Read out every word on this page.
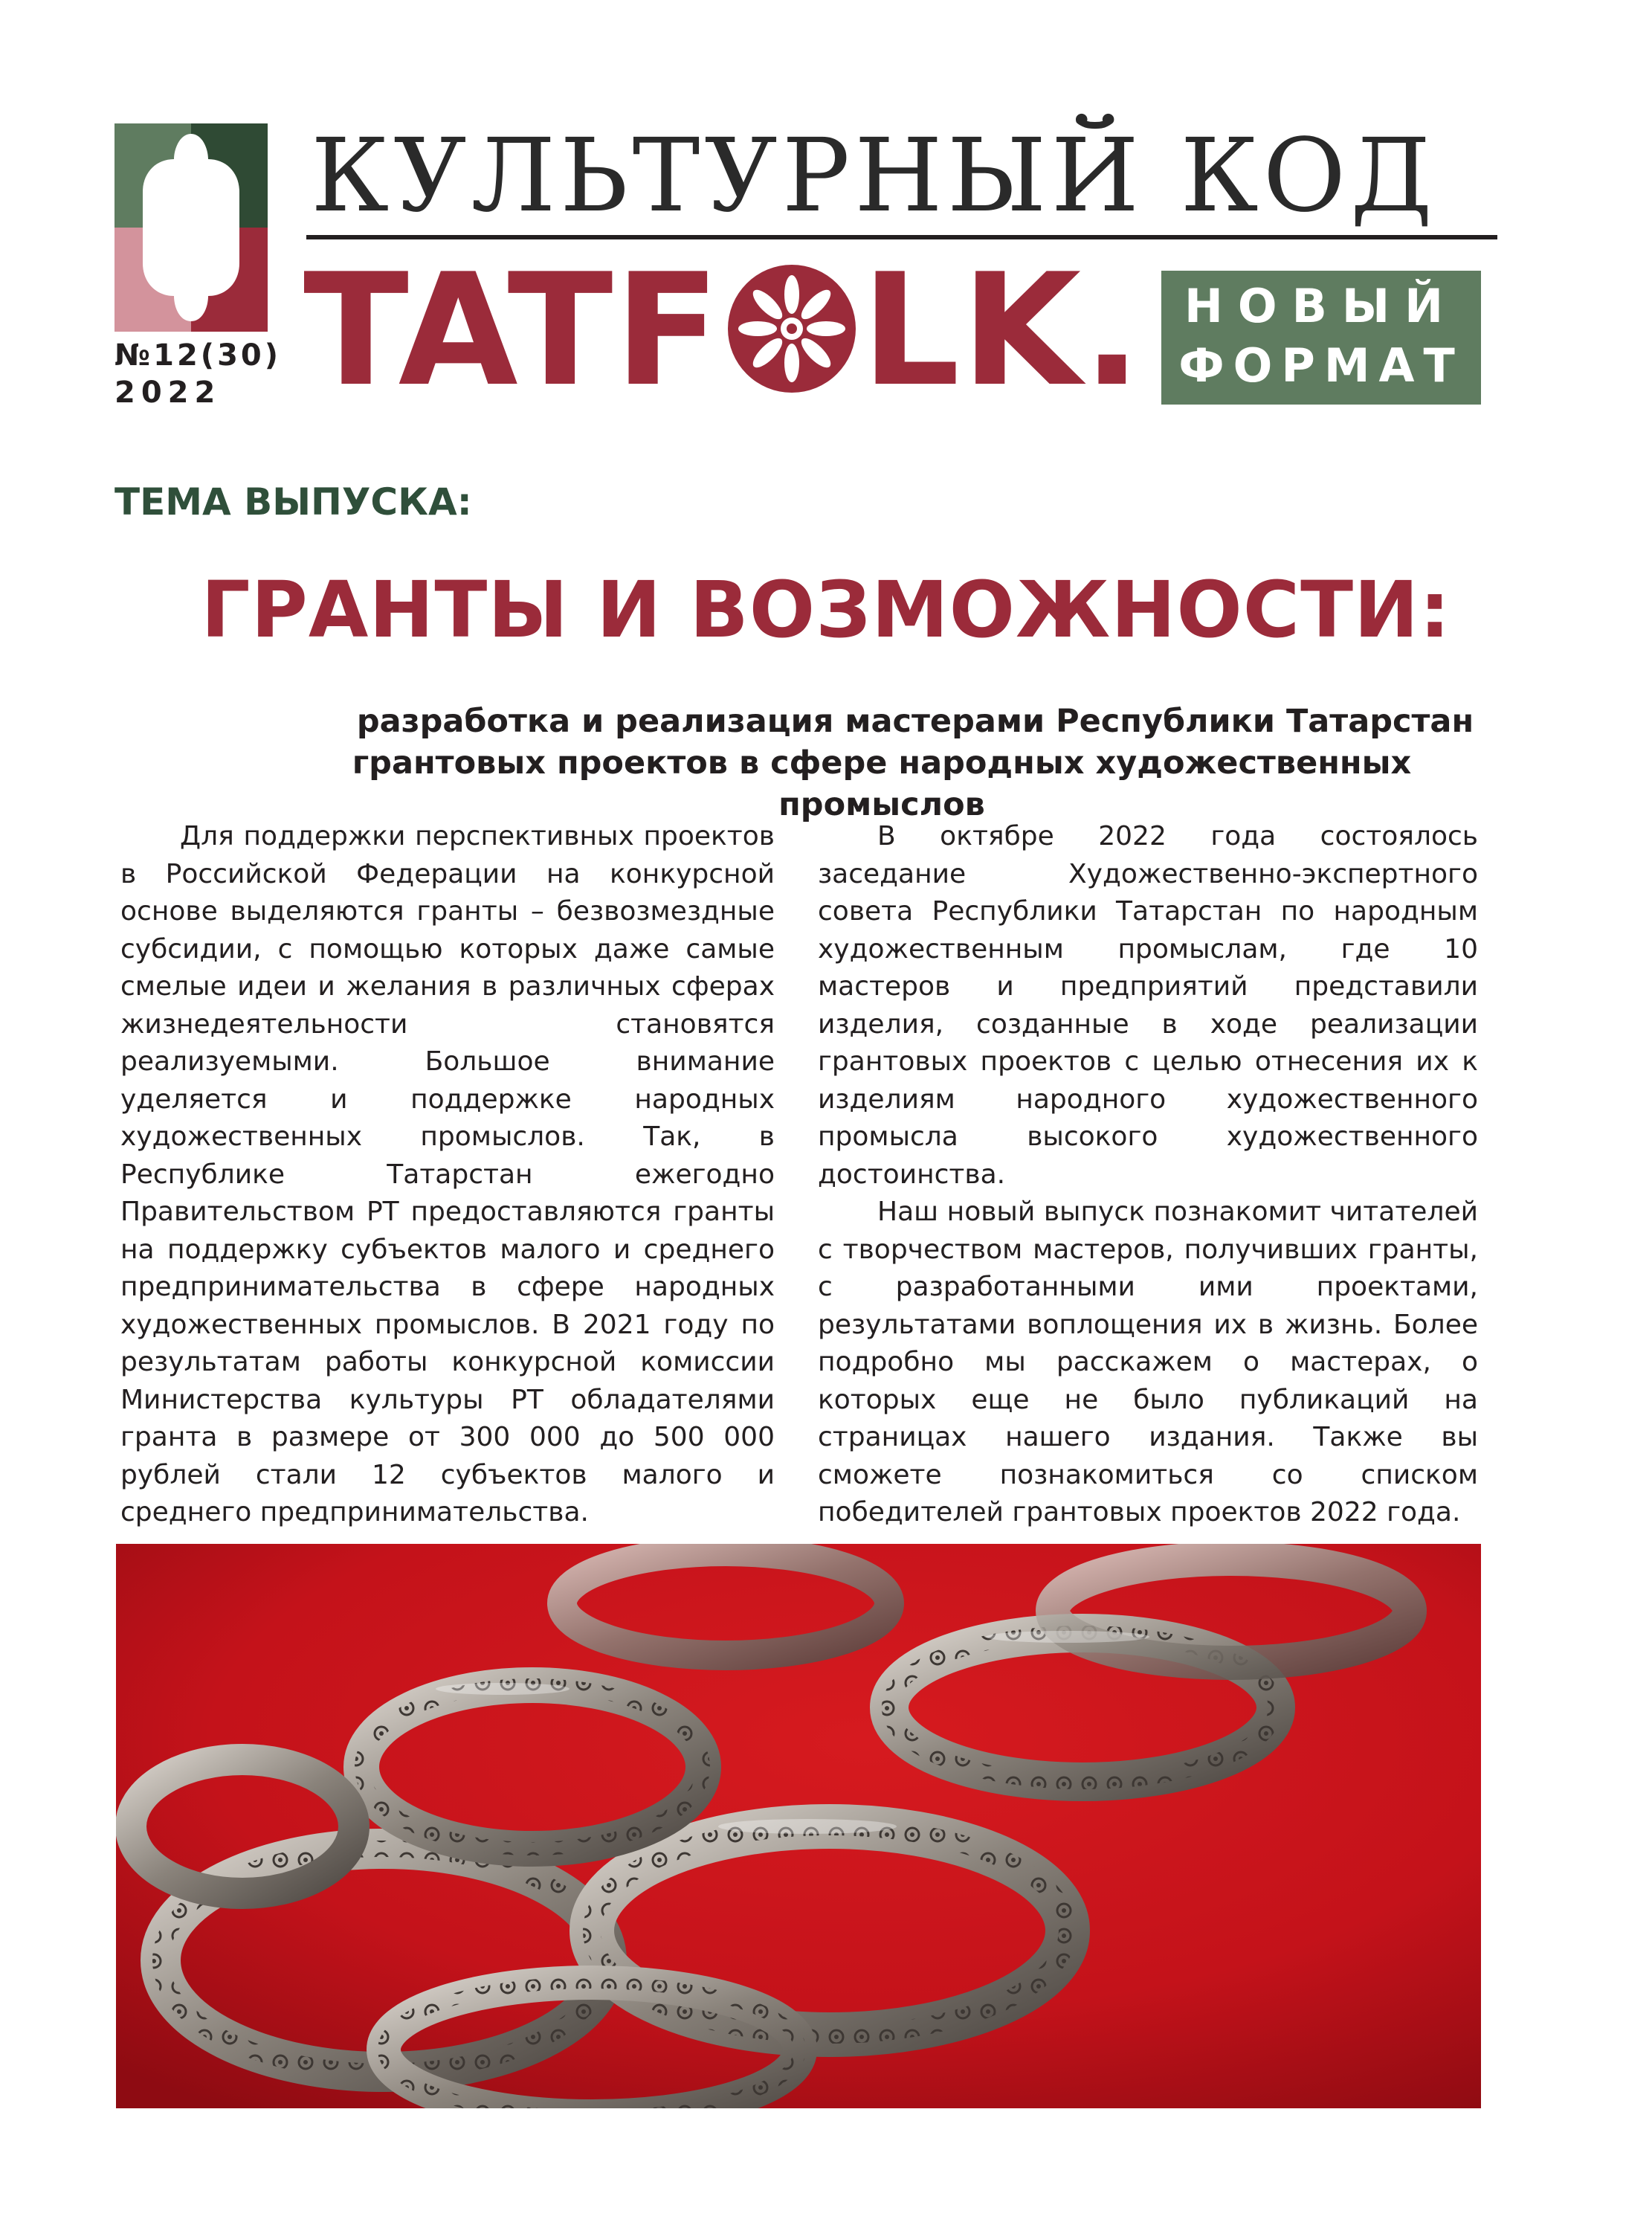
№12(30)
2022
КУЛЬТУРНЫЙ КОД
TATF LK. НОВЫЙ
ФОРМАТ
ТЕМА ВЫПУСКА:
ГРАНТЫ И ВОЗМОЖНОСТИ:
разработка и реализация мастерами Республики Татарстан
грантовых проектов в сфере народных художественных промыслов

Для поддержки перспективных проектов в Российской Федерации на конкурсной основе выделяются гранты – безвозмездные субсидии, с помощью которых даже самые смелые идеи и желания в различных сферах жизнедеятельности становятся реализуемыми. Большое внимание уделяется и поддержке народных художественных промыслов. Так, в Республике Татарстан ежегодно Правительством РТ предоставляются гранты на поддержку субъектов малого и среднего предпринимательства в сфере народных художественных промыслов. В 2021 году по результатам работы конкурсной комиссии Министерства культуры РТ обладателями гранта в размере от 300 000 до 500 000 рублей стали 12 субъектов малого и среднего предпринимательства.

В октябре 2022 года состоялось заседание Художественно-экспертного совета Республики Татарстан по народным художественным промыслам, где 10 мастеров и предприятий представили изделия, созданные в ходе реализации грантовых проектов с целью отнесения их к изделиям народного художественного промысла высокого художественного достоинства.

Наш новый выпуск познакомит читателей с творчеством мастеров, получивших гранты, с разработанными ими проектами, результатами воплощения их в жизнь. Более подробно мы расскажем о мастерах, о которых еще не было публикаций на страницах нашего издания. Также вы сможете познакомиться со списком победителей грантовых проектов 2022 года.
